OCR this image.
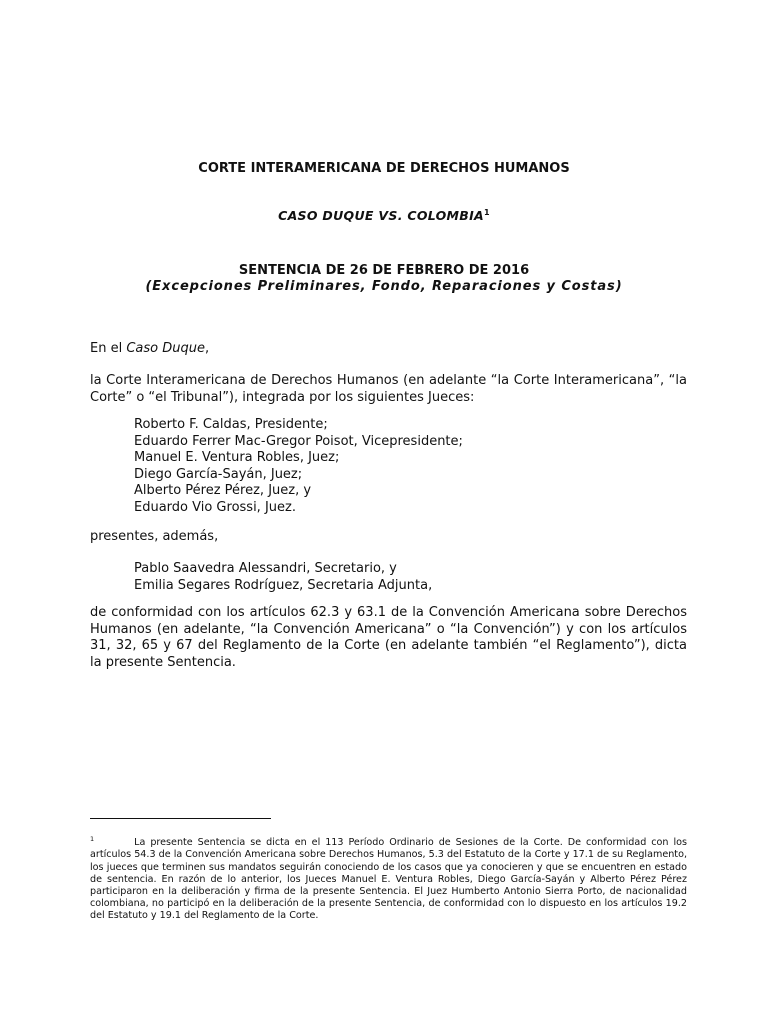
CORTE INTERAMERICANA DE DERECHOS HUMANOS
CASO DUQUE VS. COLOMBIA$^1$
SENTENCIA DE 26 DE FEBRERO DE 2016
(Excepciones Preliminares, Fondo, Reparaciones y Costas)

En el Caso Duque,

la Corte Interamericana de Derechos Humanos (en adelante “la Corte Interamericana”, “la Corte” o “el Tribunal”), integrada por los siguientes Jueces:

Roberto F. Caldas, Presidente;
Eduardo Ferrer Mac-Gregor Poisot, Vicepresidente;
Manuel E. Ventura Robles, Juez;
Diego García-Sayán, Juez;
Alberto Pérez Pérez, Juez, y
Eduardo Vio Grossi, Juez.

presentes, además,

Pablo Saavedra Alessandri, Secretario, y
Emilia Segares Rodríguez, Secretaria Adjunta,

de conformidad con los artículos 62.3 y 63.1 de la Convención Americana sobre Derechos Humanos (en adelante, “la Convención Americana” o “la Convención”) y con los artículos 31, 32, 65 y 67 del Reglamento de la Corte (en adelante también “el Reglamento”), dicta la presente Sentencia.

$^1$	La presente Sentencia se dicta en el 113 Período Ordinario de Sesiones de la Corte. De conformidad con los artículos 54.3 de la Convención Americana sobre Derechos Humanos, 5.3 del Estatuto de la Corte y 17.1 de su Reglamento, los jueces que terminen sus mandatos seguirán conociendo de los casos que ya conocieren y que se encuentren en estado de sentencia. En razón de lo anterior, los Jueces Manuel E. Ventura Robles, Diego García-Sayán y Alberto Pérez Pérez participaron en la deliberación y firma de la presente Sentencia. El Juez Humberto Antonio Sierra Porto, de nacionalidad colombiana, no participó en la deliberación de la presente Sentencia, de conformidad con lo dispuesto en los artículos 19.2 del Estatuto y 19.1 del Reglamento de la Corte.
